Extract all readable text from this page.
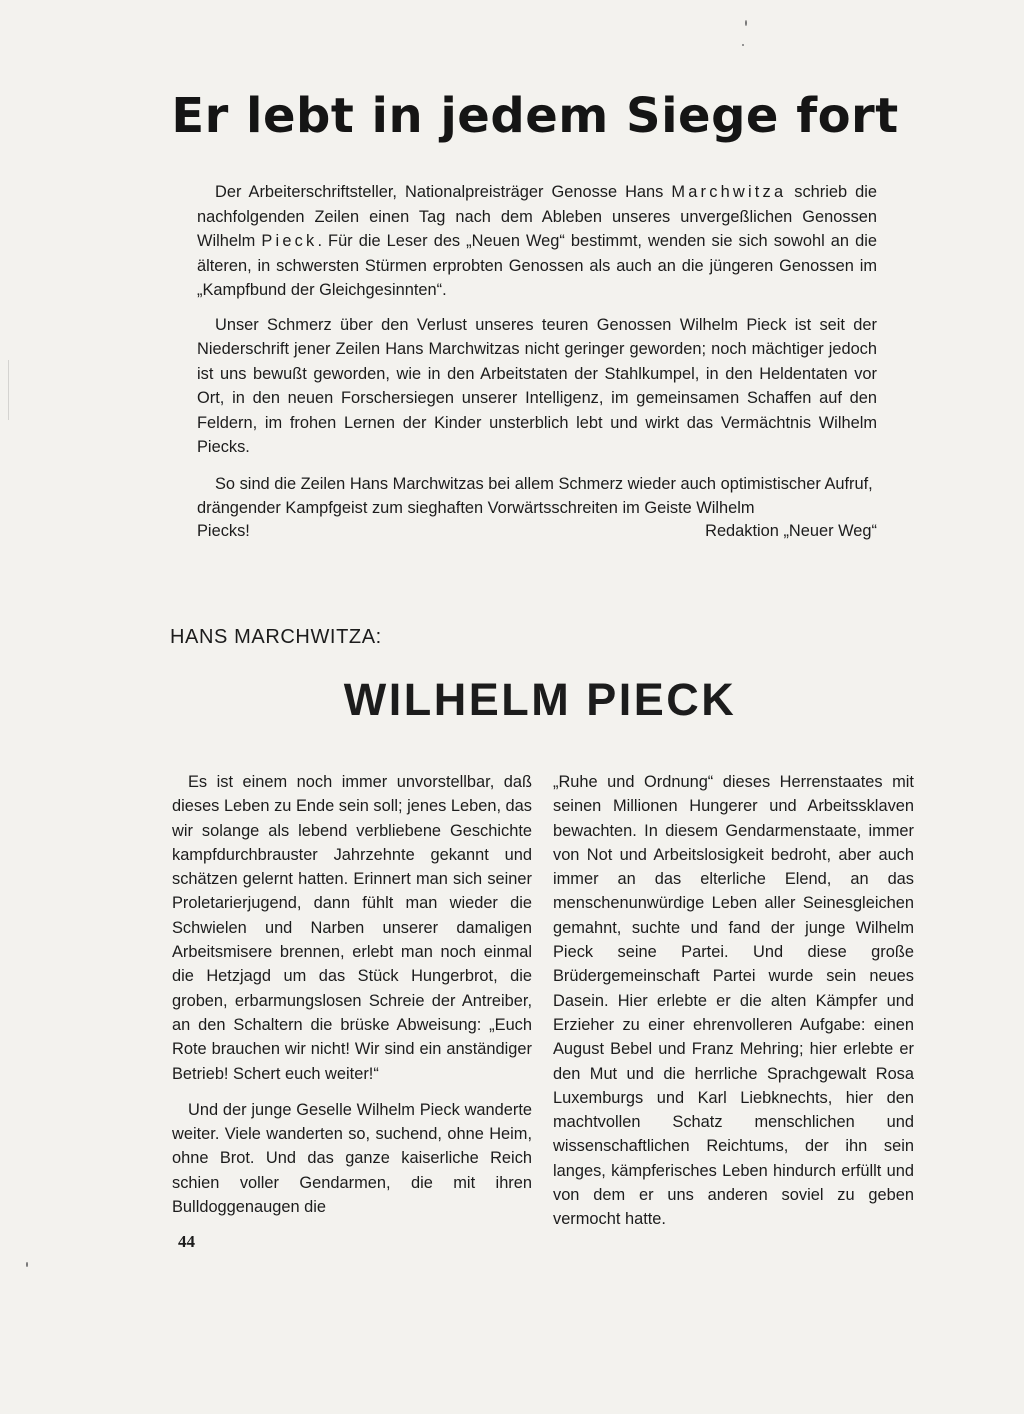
Er lebt in jedem Siege fort

Der Arbeiterschriftsteller, Nationalpreisträger Genosse Hans Marchwitza schrieb die nachfolgenden Zeilen einen Tag nach dem Ableben unseres unvergeßlichen Genossen Wilhelm Pieck. Für die Leser des „Neuen Weg“ bestimmt, wenden sie sich sowohl an die älteren, in schwersten Stürmen erprobten Genossen als auch an die jüngeren Genossen im „Kampfbund der Gleichgesinnten“.

Unser Schmerz über den Verlust unseres teuren Genossen Wilhelm Pieck ist seit der Niederschrift jener Zeilen Hans Marchwitzas nicht geringer geworden; noch mächtiger jedoch ist uns bewußt geworden, wie in den Arbeitstaten der Stahlkumpel, in den Heldentaten vor Ort, in den neuen Forschersiegen unserer Intelligenz, im gemeinsamen Schaffen auf den Feldern, im frohen Lernen der Kinder unsterblich lebt und wirkt das Vermächtnis Wilhelm Piecks.

So sind die Zeilen Hans Marchwitzas bei allem Schmerz wieder auch optimistischer Aufruf, drängender Kampfgeist zum sieghaften Vorwärtsschreiten im Geiste Wilhelm

Piecks!	Redaktion „Neuer Weg“
HANS MARCHWITZA:
WILHELM PIECK

Es ist einem noch immer unvorstellbar, daß dieses Leben zu Ende sein soll; jenes Leben, das wir solange als lebend verbliebene Geschichte kampfdurchbrauster Jahrzehnte gekannt und schätzen gelernt hatten. Erinnert man sich seiner Proletarierjugend, dann fühlt man wieder die Schwielen und Narben unserer damaligen Arbeitsmisere brennen, erlebt man noch einmal die Hetzjagd um das Stück Hungerbrot, die groben, erbarmungslosen Schreie der Antreiber, an den Schaltern die brüske Abweisung: „Euch Rote brauchen wir nicht! Wir sind ein anständiger Betrieb! Schert euch weiter!“

Und der junge Geselle Wilhelm Pieck wanderte weiter. Viele wanderten so, suchend, ohne Heim, ohne Brot. Und das ganze kaiserliche Reich schien voller Gendarmen, die mit ihren Bulldoggenaugen die

„Ruhe und Ordnung“ dieses Herrenstaates mit seinen Millionen Hungerer und Arbeitssklaven bewachten. In diesem Gendarmenstaate, immer von Not und Arbeitslosigkeit bedroht, aber auch immer an das elterliche Elend, an das menschenunwürdige Leben aller Seinesgleichen gemahnt, suchte und fand der junge Wilhelm Pieck seine Partei. Und diese große Brüdergemeinschaft Partei wurde sein neues Dasein. Hier erlebte er die alten Kämpfer und Erzieher zu einer ehrenvolleren Aufgabe: einen August Bebel und Franz Mehring; hier erlebte er den Mut und die herrliche Sprachgewalt Rosa Luxemburgs und Karl Liebknechts, hier den machtvollen Schatz menschlichen und wissenschaftlichen Reichtums, der ihn sein langes, kämpferisches Leben hindurch erfüllt und von dem er uns anderen soviel zu geben vermocht hatte.

44
